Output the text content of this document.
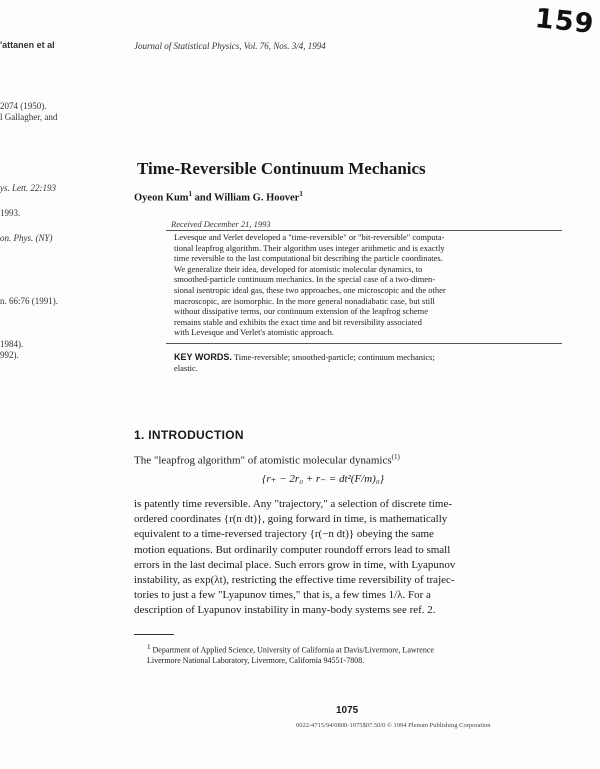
'attanen et al
2074 (1950).
l Gallagher, and
ys. Lett. 22:193
1993.
on. Phys. (NY)
n. 66:76 (1991).
1984).
992).
159
Journal of Statistical Physics, Vol. 76, Nos. 3/4, 1994
Time-Reversible Continuum Mechanics
Oyeon Kum$^1$ and William G. Hoover$^1$
Received December 21, 1993
Levesque and Verlet developed a "time-reversible" or "bit-reversible" computa-
tional leapfrog algorithm. Their algorithm uses integer arithmetic and is exactly
time reversible to the last computational bit describing the particle coordinates.
We generalize their idea, developed for atomistic molecular dynamics, to
smoothed-particle continuum mechanics. In the special case of a two-dimen-
sional isentropic ideal gas, these two approaches, one microscopic and the other
macroscopic, are isomorphic. In the more general nonadiabatic case, but still
without dissipative terms, our continuum extension of the leapfrog scheme
remains stable and exhibits the exact time and bit reversibility associated
with Levesque and Verlet's atomistic approach.
KEY WORDS. Time-reversible; smoothed-particle; continuum mechanics;
elastic.
1. INTRODUCTION
The "leapfrog algorithm" of atomistic molecular dynamics$^{(1)}$
{r₊ − 2r₀ + r₋ = dt²(F/m)₀}
is patently time reversible. Any "trajectory," a selection of discrete time-
ordered coordinates {r(n dt)}, going forward in time, is mathematically
equivalent to a time-reversed trajectory {r(−n dt)} obeying the same
motion equations. But ordinarily computer roundoff errors lead to small
errors in the last decimal place. Such errors grow in time, with Lyapunov
instability, as exp(λt), restricting the effective time reversibility of trajec-
tories to just a few "Lyapunov times," that is, a few times 1/λ. For a
description of Lyapunov instability in many-body systems see ref. 2.
$^1$ Department of Applied Science, University of California at Davis/Livermore, Lawrence
Livermore National Laboratory, Livermore, California 94551-7808.
1075
0022-4715/94/0800-1075$07.50/0 © 1994 Plenum Publishing Corporation
